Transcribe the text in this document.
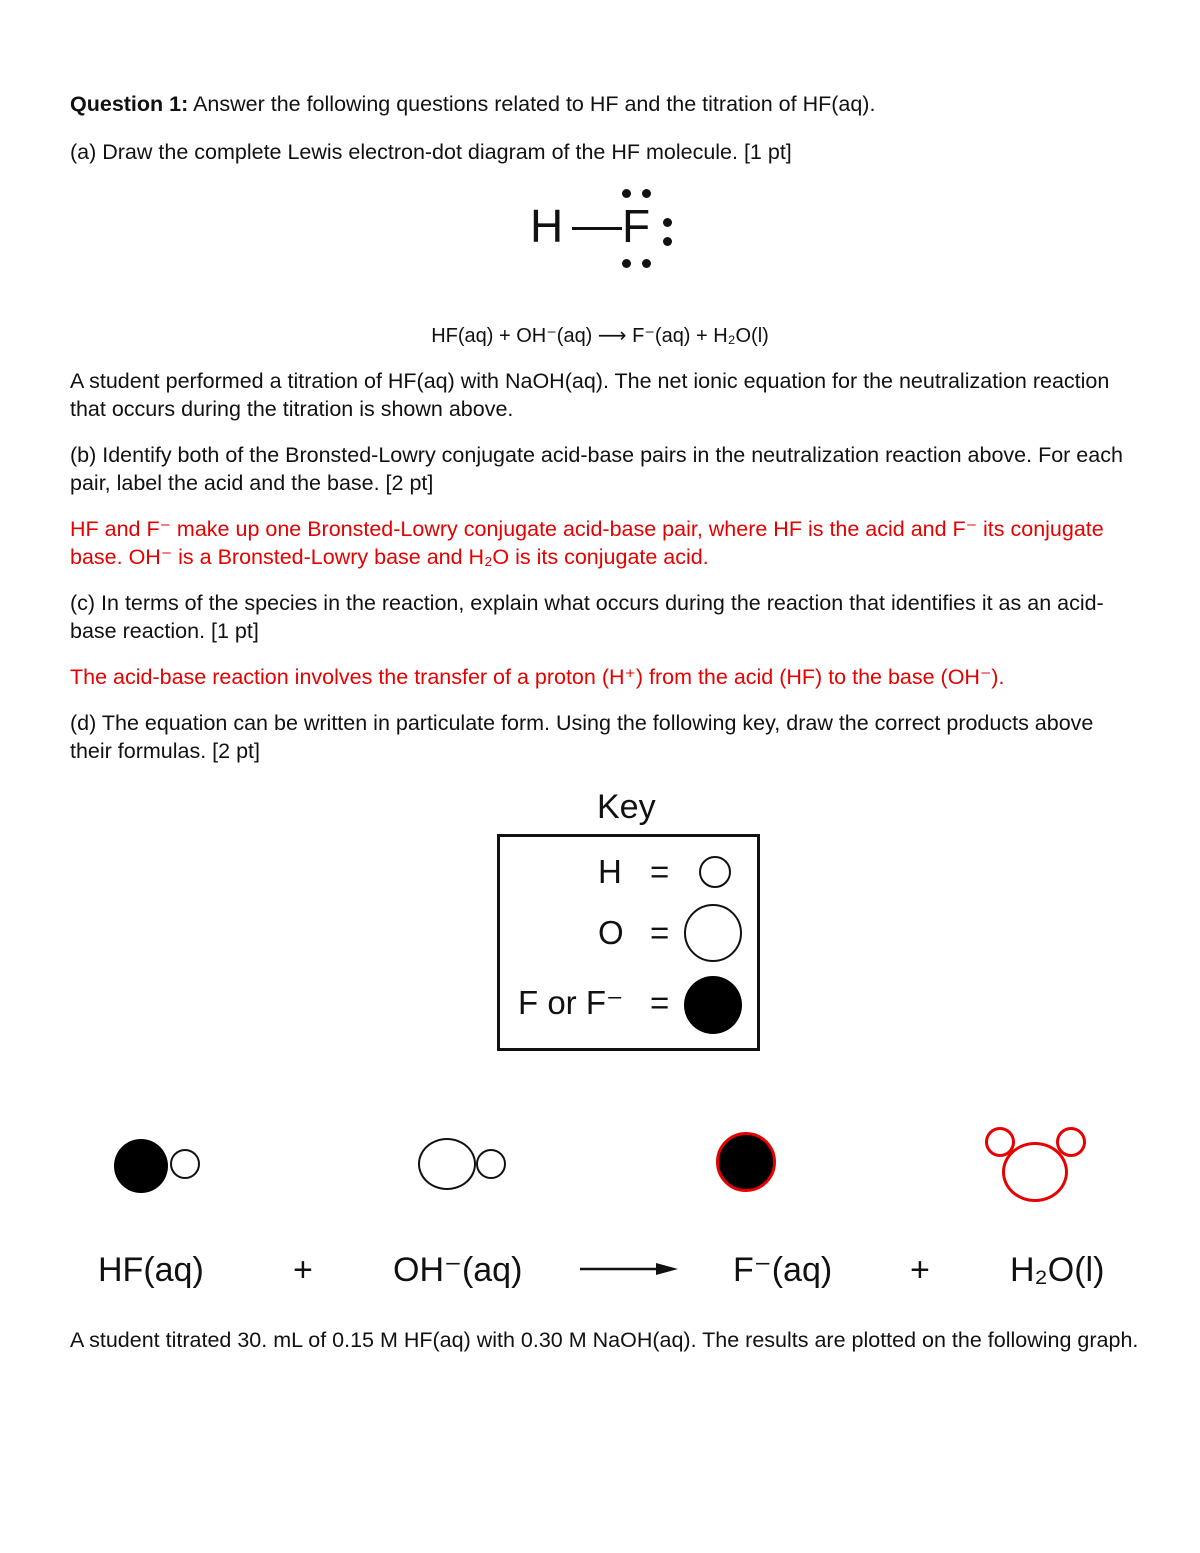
Question 1: Answer the following questions related to HF and the titration of HF(aq).

(a) Draw the complete Lewis electron-dot diagram of the HF molecule. [1 pt]

H F

HF(aq) + OH⁻(aq) ⟶ F⁻(aq) + H₂O(l)

A student performed a titration of HF(aq) with NaOH(aq). The net ionic equation for the neutralization reaction that occurs during the titration is shown above.

(b) Identify both of the Bronsted-Lowry conjugate acid-base pairs in the neutralization reaction above. For each pair, label the acid and the base. [2 pt]

HF and F⁻ make up one Bronsted-Lowry conjugate acid-base pair, where HF is the acid and F⁻ its conjugate base. OH⁻ is a Bronsted-Lowry base and H₂O is its conjugate acid.

(c) In terms of the species in the reaction, explain what occurs during the reaction that identifies it as an acid-base reaction. [1 pt]

The acid-base reaction involves the transfer of a proton (H⁺) from the acid (HF) to the base (OH⁻).

(d) The equation can be written in particulate form. Using the following key, draw the correct products above their formulas. [2 pt]

Key
H =
O =
F or F⁻ =
HF(aq)	+ OH⁻(aq)	F⁻(aq) + H₂O(l)

A student titrated 30. mL of 0.15 M HF(aq) with 0.30 M NaOH(aq). The results are plotted on the following graph.
